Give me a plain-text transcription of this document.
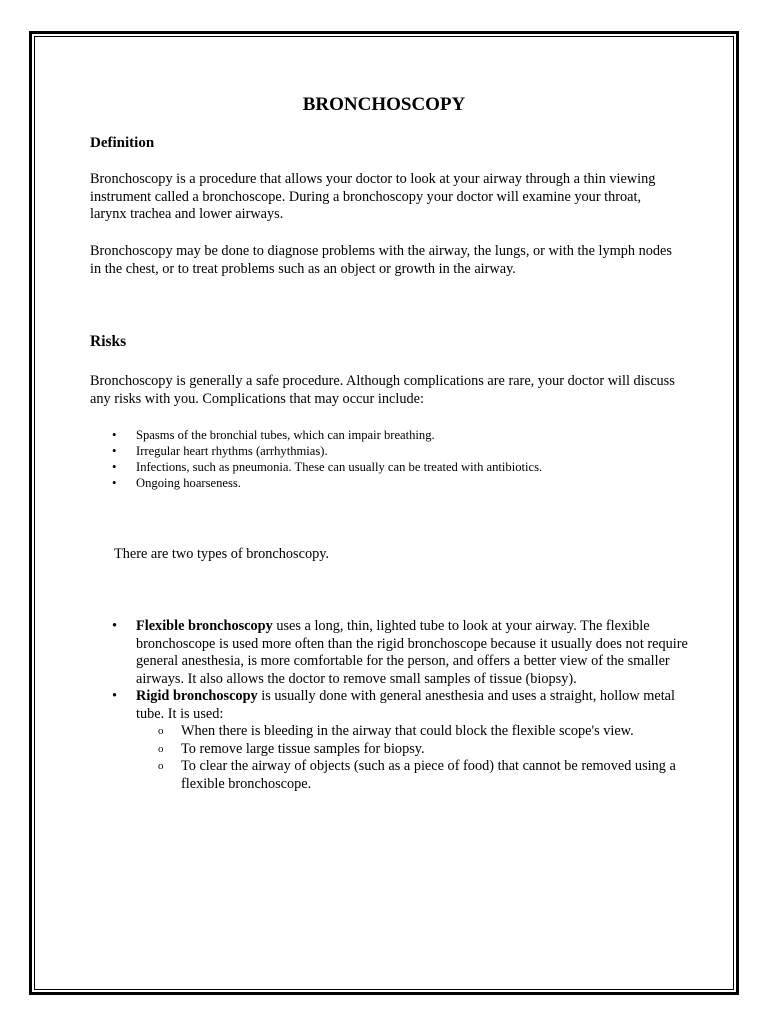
BRONCHOSCOPY
Definition

Bronchoscopy is a procedure that allows your doctor to look at your airway through a thin viewing instrument called a bronchoscope. During a bronchoscopy your doctor will examine your throat, larynx trachea and lower airways.

Bronchoscopy may be done to diagnose problems with the airway, the lungs, or with the lymph nodes in the chest, or to treat problems such as an object or growth in the airway.

Risks

Bronchoscopy is generally a safe procedure. Although complications are rare, your doctor will discuss any risks with you. Complications that may occur include:

• Spasms of the bronchial tubes, which can impair breathing.
• Irregular heart rhythms (arrhythmias).
• Infections, such as pneumonia. These can usually can be treated with antibiotics.
• Ongoing hoarseness.

There are two types of bronchoscopy.

• Flexible bronchoscopy uses a long, thin, lighted tube to look at your airway. The flexible bronchoscope is used more often than the rigid bronchoscope because it usually does not require general anesthesia, is more comfortable for the person, and offers a better view of the smaller airways. It also allows the doctor to remove small samples of tissue (biopsy).
• Rigid bronchoscopy is usually done with general anesthesia and uses a straight, hollow metal tube. It is used:
o When there is bleeding in the airway that could block the flexible scope's view.
o To remove large tissue samples for biopsy.
o To clear the airway of objects (such as a piece of food) that cannot be removed using a flexible bronchoscope.
